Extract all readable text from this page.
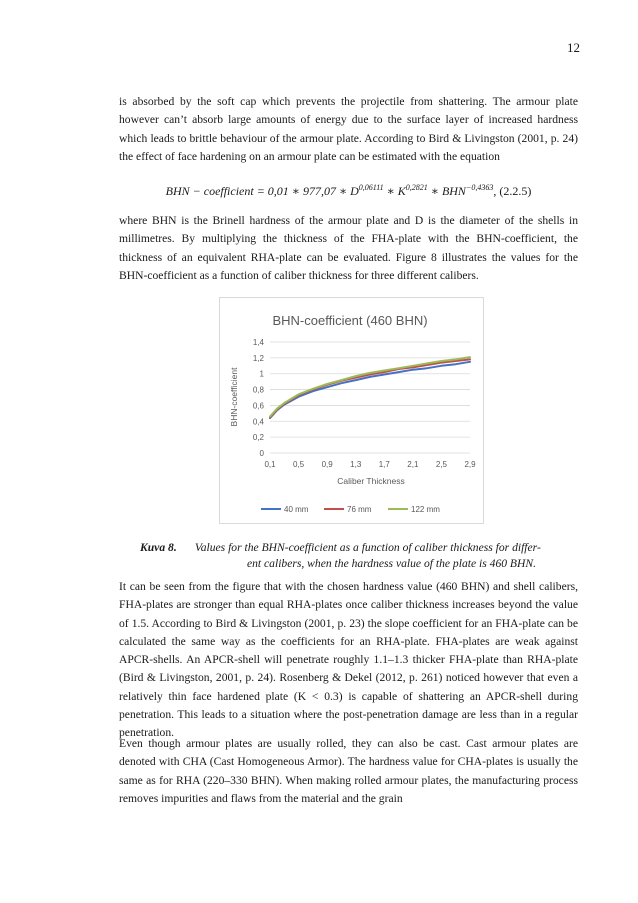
12

is absorbed by the soft cap which prevents the projectile from shattering. The armour plate however can’t absorb large amounts of energy due to the surface layer of increased hardness which leads to brittle behaviour of the armour plate. According to Bird & Livingston (2001, p. 24) the effect of face hardening on an armour plate can be estimated with the equation

BHN − coefficient = 0,01 ∗ 977,07 ∗ $D^{0,06111}$ ∗ $K^{0,2821}$ ∗ $BHN^{-0,4363}$, (2.2.5)

where BHN is the Brinell hardness of the armour plate and D is the diameter of the shells in millimetres. By multiplying the thickness of the FHA-plate with the BHN-coefficient, the thickness of an equivalent RHA-plate can be evaluated. Figure 8 illustrates the values for the BHN-coefficient as a function of caliber thickness for three different calibers.

0
0,2
0,4
0,6
0,8
1
1,2
1,4
0,1 0,5 0,9 1,3 1,7 2,1 2,5 2,9
BHN-coefficient (460 BHN)
BHN-coefficient
Caliber Thickness
40 mm	76 mm	122 mm
Kuva 8. Values for the BHN-coefficient as a function of caliber thickness for differ-
ent calibers, when the hardness value of the plate is 460 BHN.

It can be seen from the figure that with the chosen hardness value (460 BHN) and shell calibers, FHA-plates are stronger than equal RHA-plates once caliber thickness increases beyond the value of 1.5. According to Bird & Livingston (2001, p. 23) the slope coefficient for an FHA-plate can be calculated the same way as the coefficients for an RHA-plate. FHA-plates are weak against APCR-shells. An APCR-shell will penetrate roughly 1.1–1.3 thicker FHA-plate than RHA-plate (Bird & Livingston, 2001, p. 24). Rosenberg & Dekel (2012, p. 261) noticed however that even a relatively thin face hardened plate (K < 0.3) is capable of shattering an APCR-shell during penetration. This leads to a situation where the post-penetration damage are less than in a regular penetration.

Even though armour plates are usually rolled, they can also be cast. Cast armour plates are denoted with CHA (Cast Homogeneous Armor). The hardness value for CHA-plates is usually the same as for RHA (220–330 BHN). When making rolled armour plates, the manufacturing process removes impurities and flaws from the material and the grain
